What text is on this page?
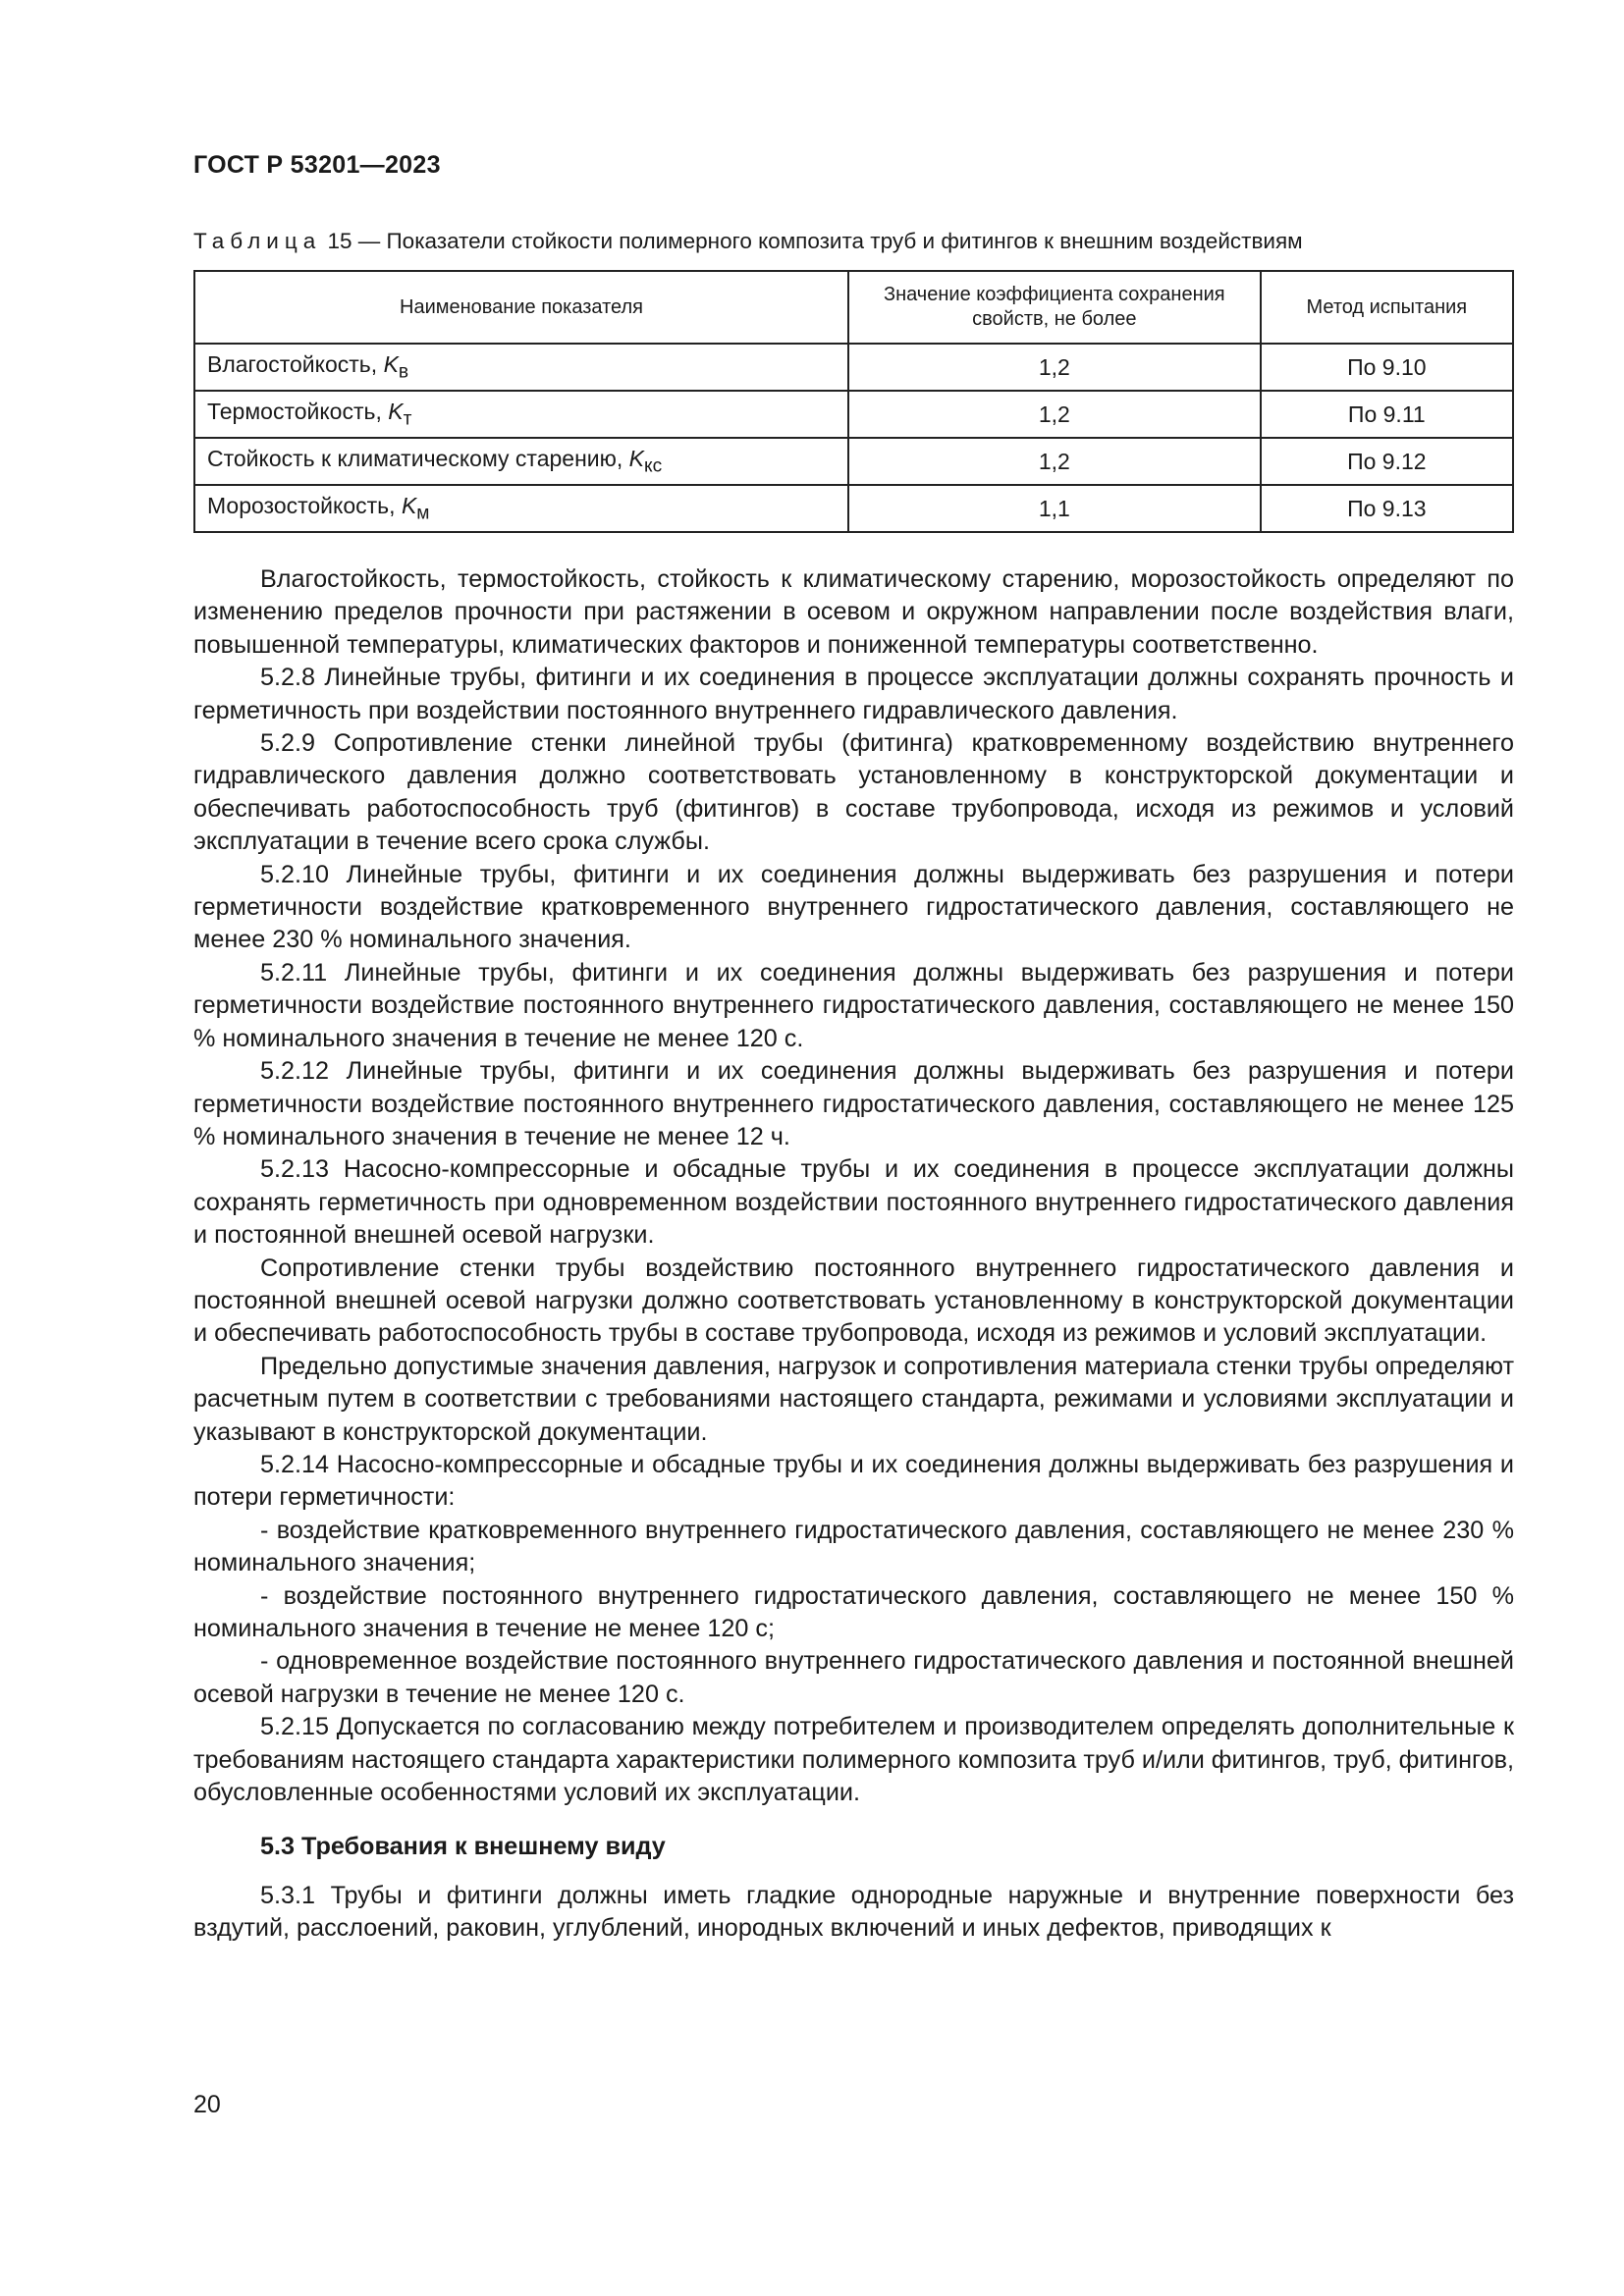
ГОСТ Р 53201—2023
Таблица 15 — Показатели стойкости полимерного композита труб и фитингов к внешним воздействиям
Наименование показателя	Значение коэффициента сохранения свойств, не более	Метод испытания
Влагостойкость, $K_в$	1,2	По 9.10
Термостойкость, $K_т$	1,2	По 9.11
Стойкость к климатическому старению, $K_{кс}$	1,2	По 9.12
Морозостойкость, $K_м$	1,1	По 9.13

Влагостойкость, термостойкость, стойкость к климатическому старению, морозостойкость определяют по изменению пределов прочности при растяжении в осевом и окружном направлении после воздействия влаги, повышенной температуры, климатических факторов и пониженной температуры соответственно.

5.2.8 Линейные трубы, фитинги и их соединения в процессе эксплуатации должны сохранять прочность и герметичность при воздействии постоянного внутреннего гидравлического давления.

5.2.9 Сопротивление стенки линейной трубы (фитинга) кратковременному воздействию внутреннего гидравлического давления должно соответствовать установленному в конструкторской документации и обеспечивать работоспособность труб (фитингов) в составе трубопровода, исходя из режимов и условий эксплуатации в течение всего срока службы.

5.2.10 Линейные трубы, фитинги и их соединения должны выдерживать без разрушения и потери герметичности воздействие кратковременного внутреннего гидростатического давления, составляющего не менее 230 % номинального значения.

5.2.11 Линейные трубы, фитинги и их соединения должны выдерживать без разрушения и потери герметичности воздействие постоянного внутреннего гидростатического давления, составляющего не менее 150 % номинального значения в течение не менее 120 с.

5.2.12 Линейные трубы, фитинги и их соединения должны выдерживать без разрушения и потери герметичности воздействие постоянного внутреннего гидростатического давления, составляющего не менее 125 % номинального значения в течение не менее 12 ч.

5.2.13 Насосно-компрессорные и обсадные трубы и их соединения в процессе эксплуатации должны сохранять герметичность при одновременном воздействии постоянного внутреннего гидростатического давления и постоянной внешней осевой нагрузки.

Сопротивление стенки трубы воздействию постоянного внутреннего гидростатического давления и постоянной внешней осевой нагрузки должно соответствовать установленному в конструкторской документации и обеспечивать работоспособность трубы в составе трубопровода, исходя из режимов и условий эксплуатации.

Предельно допустимые значения давления, нагрузок и сопротивления материала стенки трубы определяют расчетным путем в соответствии с требованиями настоящего стандарта, режимами и условиями эксплуатации и указывают в конструкторской документации.

5.2.14 Насосно-компрессорные и обсадные трубы и их соединения должны выдерживать без разрушения и потери герметичности:

- воздействие кратковременного внутреннего гидростатического давления, составляющего не менее 230 % номинального значения;

- воздействие постоянного внутреннего гидростатического давления, составляющего не менее 150 % номинального значения в течение не менее 120 с;

- одновременное воздействие постоянного внутреннего гидростатического давления и постоянной внешней осевой нагрузки в течение не менее 120 с.

5.2.15 Допускается по согласованию между потребителем и производителем определять дополнительные к требованиям настоящего стандарта характеристики полимерного композита труб и/или фитингов, труб, фитингов, обусловленные особенностями условий их эксплуатации.

5.3 Требования к внешнему виду

5.3.1 Трубы и фитинги должны иметь гладкие однородные наружные и внутренние поверхности без вздутий, расслоений, раковин, углублений, инородных включений и иных дефектов, приводящих к

20
